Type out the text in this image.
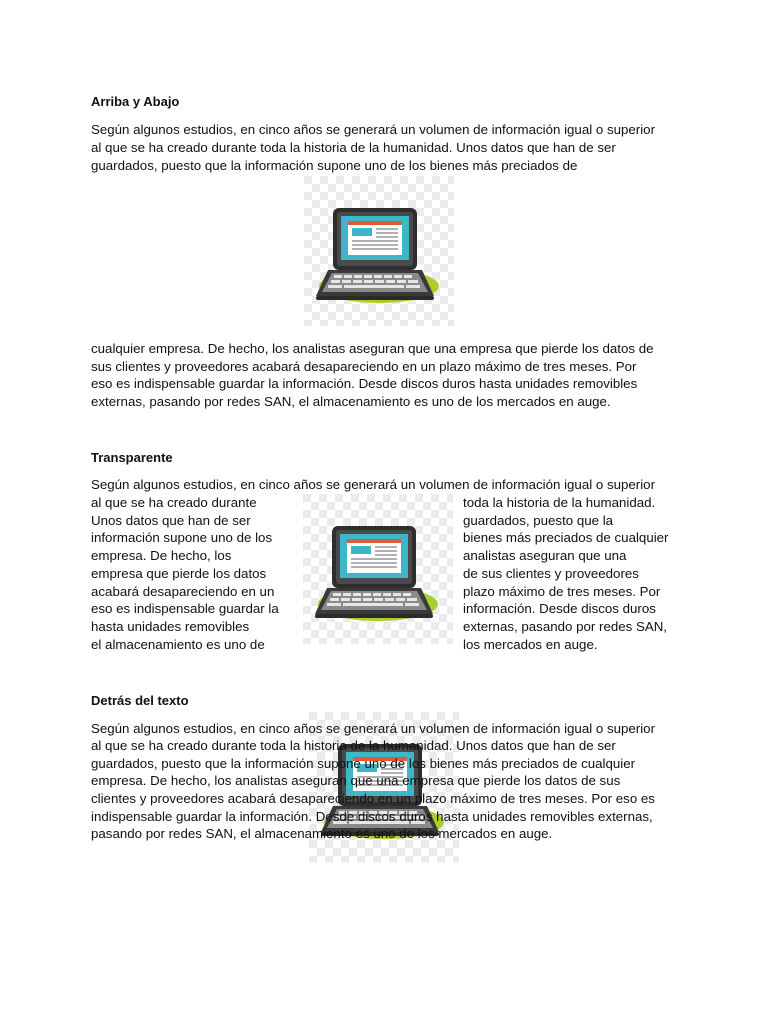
Arriba y Abajo

Según algunos estudios, en cinco años se generará un volumen de información igual o superior

al que se ha creado durante toda la historia de la humanidad. Unos datos que han de ser

guardados, puesto que la información supone uno de los bienes más preciados de

cualquier empresa. De hecho, los analistas aseguran que una empresa que pierde los datos de

sus clientes y proveedores acabará desapareciendo en un plazo máximo de tres meses. Por

eso es indispensable guardar la información. Desde discos duros hasta unidades removibles

externas, pasando por redes SAN, el almacenamiento es uno de los mercados en auge.

Transparente

Según algunos estudios, en cinco años se generará un volumen de información igual o superior

al que se ha creado durante

Unos datos que han de ser

información supone uno de los

empresa. De hecho, los

empresa que pierde los datos

acabará desapareciendo en un

eso es indispensable guardar la

hasta unidades removibles

el almacenamiento es uno de

toda la historia de la humanidad.

guardados, puesto que la

bienes más preciados de cualquier

analistas aseguran que una

de sus clientes y proveedores

plazo máximo de tres meses. Por

información. Desde discos duros

externas, pasando por redes SAN,

los mercados en auge.

Detrás del texto

Según algunos estudios, en cinco años se generará un volumen de información igual o superior

al que se ha creado durante toda la historia de la humanidad. Unos datos que han de ser

guardados, puesto que la información supone uno de los bienes más preciados de cualquier

empresa. De hecho, los analistas aseguran que una empresa que pierde los datos de sus

clientes y proveedores acabará desapareciendo en un plazo máximo de tres meses. Por eso es

indispensable guardar la información. Desde discos duros hasta unidades removibles externas,

pasando por redes SAN, el almacenamiento es uno de los mercados en auge.
